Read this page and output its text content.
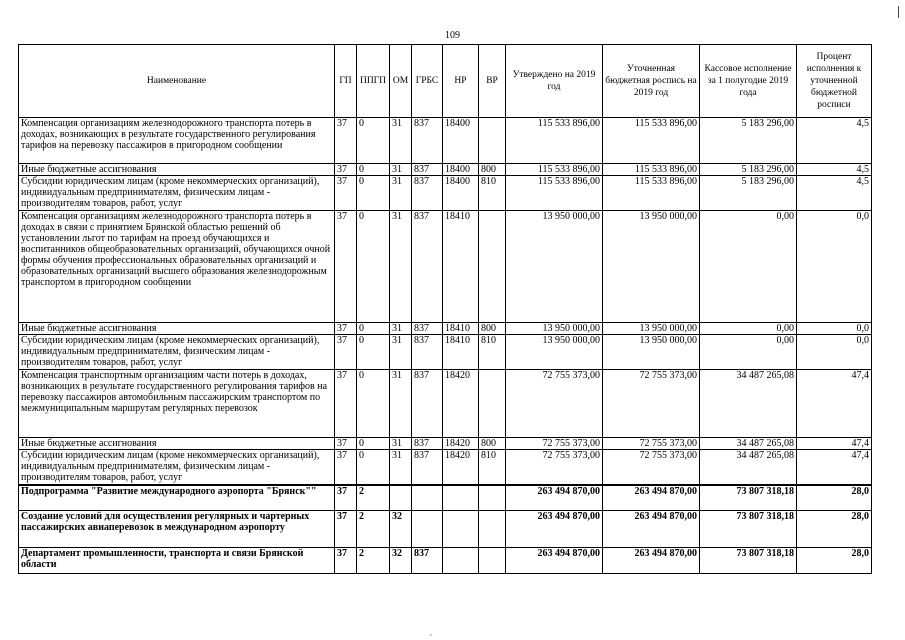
109
,
Наименование	ГП	ППГП	ОМ	ГРБС	НР	ВР	Утверждено на 2019 год	Уточненная бюджетная роспись на 2019 год	Кассовое исполнение за 1 полугодие 2019 года	Процент исполнения к уточненной бюджетной росписи
Компенсация организациям железнодорожного транспорта потерь в доходах, возникающих в результате государственного регулирования тарифов на перевозку пассажиров в пригородном сообщении	37	0	31	837	18400		115 533 896,00	115 533 896,00	5 183 296,00	4,5
Иные бюджетные ассигнования	37	0	31	837	18400	800	115 533 896,00	115 533 896,00	5 183 296,00	4,5
Субсидии юридическим лицам (кроме некоммерческих организаций), индивидуальным предпринимателям, физическим лицам - производителям товаров, работ, услуг	37	0	31	837	18400	810	115 533 896,00	115 533 896,00	5 183 296,00	4,5
Компенсация организациям железнодорожного транспорта потерь в доходах в связи с принятием Брянской областью решений об установлении льгот по тарифам на проезд обучающихся и воспитанников общеобразовательных организаций, обучающихся очной формы обучения профессиональных образовательных организаций и образовательных организаций высшего образования железнодорожным транспортом в пригородном сообщении	37	0	31	837	18410		13 950 000,00	13 950 000,00	0,00	0,0
Иные бюджетные ассигнования	37	0	31	837	18410	800	13 950 000,00	13 950 000,00	0,00	0,0
Субсидии юридическим лицам (кроме некоммерческих организаций), индивидуальным предпринимателям, физическим лицам - производителям товаров, работ, услуг	37	0	31	837	18410	810	13 950 000,00	13 950 000,00	0,00	0,0
Компенсация транспортным организациям части потерь в доходах, возникающих в результате государственного регулирования тарифов на перевозку пассажиров автомобильным пассажирским транспортом по межмуниципальным маршрутам регулярных перевозок	37	0	31	837	18420		72 755 373,00	72 755 373,00	34 487 265,08	47,4
Иные бюджетные ассигнования	37	0	31	837	18420	800	72 755 373,00	72 755 373,00	34 487 265,08	47,4
Субсидии юридическим лицам (кроме некоммерческих организаций), индивидуальным предпринимателям, физическим лицам - производителям товаров, работ, услуг	37	0	31	837	18420	810	72 755 373,00	72 755 373,00	34 487 265,08	47,4
Подпрограмма "Развитие международного аэропорта "Брянск""	37	2					263 494 870,00	263 494 870,00	73 807 318,18	28,0
Создание условий для осуществления регулярных и чартерных пассажирских авиаперевозок в международном аэропорту	37	2	32				263 494 870,00	263 494 870,00	73 807 318,18	28,0
Департамент промышленности, транспорта и связи Брянской области	37	2	32	837			263 494 870,00	263 494 870,00	73 807 318,18	28,0
